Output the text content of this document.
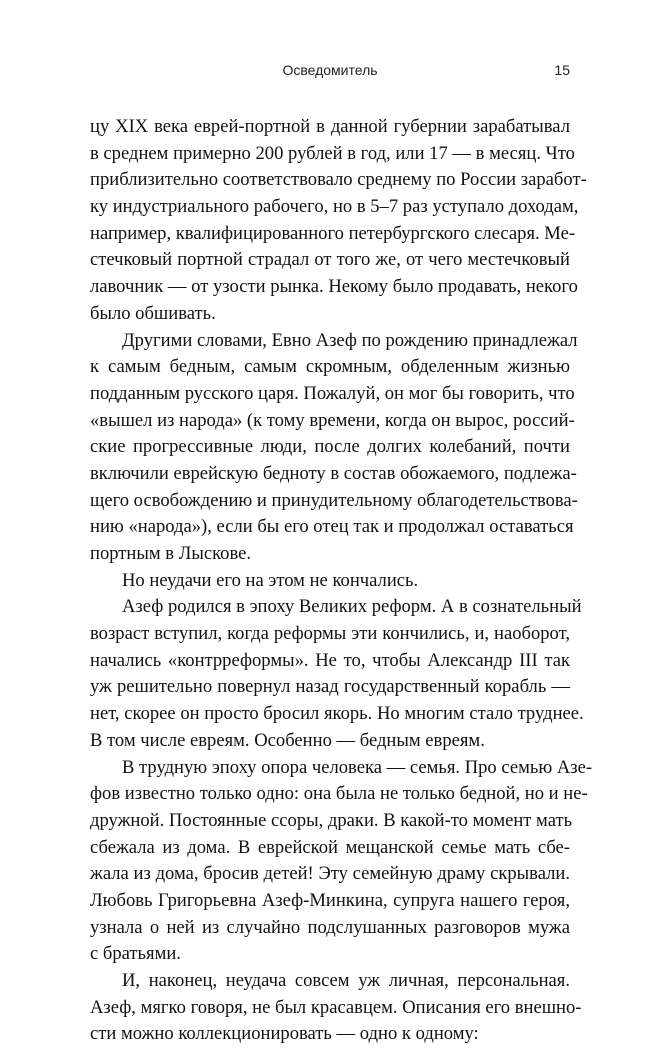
Осведомитель	15
цу XIX века еврей-портной в данной губернии зарабатывал
в среднем примерно 200 рублей в год, или 17 — в месяц. Что
приблизительно соответствовало среднему по России заработ-
ку индустриального рабочего, но в 5–7 раз уступало доходам,
например, квалифицированного петербургского слесаря. Ме-
стечковый портной страдал от того же, от чего местечковый
лавочник — от узости рынка. Некому было продавать, некого
было обшивать.
Другими словами, Евно Азеф по рождению принадлежал
к самым бедным, самым скромным, обделенным жизнью
подданным русского царя. Пожалуй, он мог бы говорить, что
«вышел из народа» (к тому времени, когда он вырос, россий-
ские прогрессивные люди, после долгих колебаний, почти
включили еврейскую бедноту в состав обожаемого, подлежа-
щего освобождению и принудительному облагодетельствова-
нию «народа»), если бы его отец так и продолжал оставаться
портным в Лыскове.
Но неудачи его на этом не кончались.
Азеф родился в эпоху Великих реформ. А в сознательный
возраст вступил, когда реформы эти кончились, и, наоборот,
начались «контрреформы». Не то, чтобы Александр III так
уж решительно повернул назад государственный корабль —
нет, скорее он просто бросил якорь. Но многим стало труднее.
В том числе евреям. Особенно — бедным евреям.
В трудную эпоху опора человека — семья. Про семью Азе-
фов известно только одно: она была не только бедной, но и не-
дружной. Постоянные ссоры, драки. В какой-то момент мать
сбежала из дома. В еврейской мещанской семье мать сбе-
жала из дома, бросив детей! Эту семейную драму скрывали.
Любовь Григорьевна Азеф-Минкина, супруга нашего героя,
узнала о ней из случайно подслушанных разговоров мужа
с братьями.
И, наконец, неудача совсем уж личная, персональная.
Азеф, мягко говоря, не был красавцем. Описания его внешно-
сти можно коллекционировать — одно к одному:
